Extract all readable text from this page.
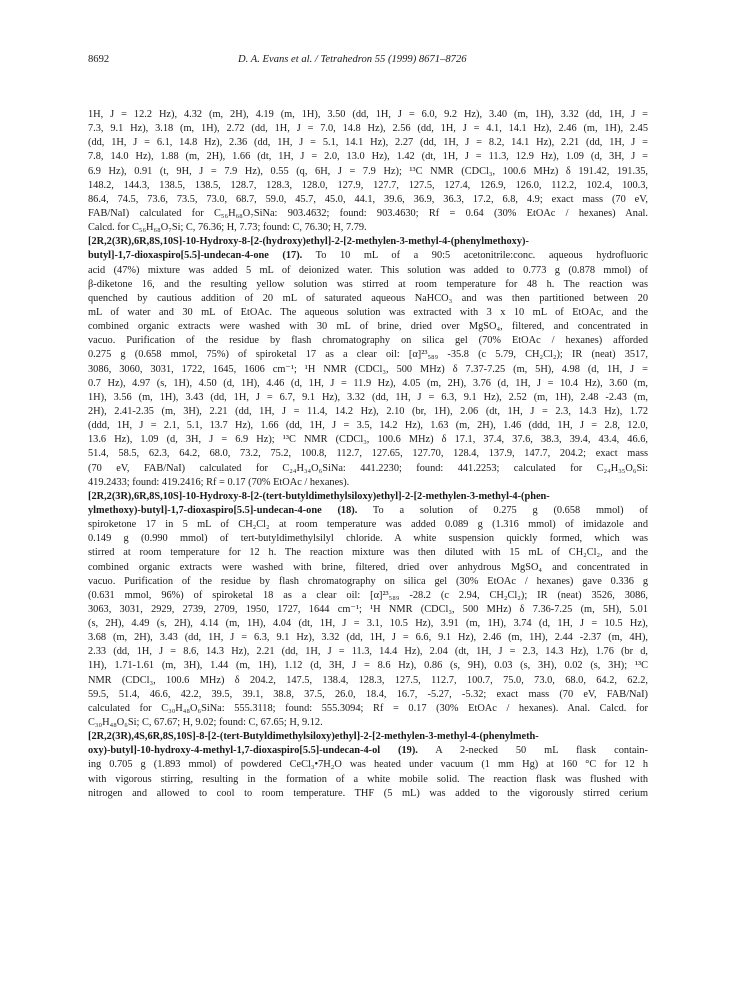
8692	D. A. Evans et al. / Tetrahedron 55 (1999) 8671–8726
1H, J = 12.2 Hz), 4.32 (m, 2H), 4.19 (m, 1H), 3.50 (dd, 1H, J = 6.0, 9.2 Hz), 3.40 (m, 1H), 3.32 (dd, 1H, J =
7.3, 9.1 Hz), 3.18 (m, 1H), 2.72 (dd, 1H, J = 7.0, 14.8 Hz), 2.56 (dd, 1H, J = 4.1, 14.1 Hz), 2.46 (m, 1H), 2.45
(dd, 1H, J = 6.1, 14.8 Hz), 2.36 (dd, 1H, J = 5.1, 14.1 Hz), 2.27 (dd, 1H, J = 8.2, 14.1 Hz), 2.21 (dd, 1H, J =
7.8, 14.0 Hz), 1.88 (m, 2H), 1.66 (dt, 1H, J = 2.0, 13.0 Hz), 1.42 (dt, 1H, J = 11.3, 12.9 Hz), 1.09 (d, 3H, J =
6.9 Hz), 0.91 (t, 9H, J = 7.9 Hz), 0.55 (q, 6H, J = 7.9 Hz); ¹³C NMR (CDCl₃, 100.6 MHz) δ 191.42, 191.35,
148.2, 144.3, 138.5, 138.5, 128.7, 128.3, 128.0, 127.9, 127.7, 127.5, 127.4, 126.9, 126.0, 112.2, 102.4, 100.3,
86.4, 74.5, 73.6, 73.5, 73.0, 68.7, 59.0, 45.7, 45.0, 44.1, 39.6, 36.9, 36.3, 17.2, 6.8, 4.9; exact mass (70 eV,
FAB/NaI) calculated for C₅₆H₆₈O₇SiNa: 903.4632; found: 903.4630; Rf = 0.64 (30% EtOAc / hexanes) Anal.
Calcd. for C₅₆H₆₈O₇Si; C, 76.36; H, 7.73; found: C, 76.30; H, 7.79.
[2R,2(3R),6R,8S,10S]-10-Hydroxy-8-[2-(hydroxy)ethyl]-2-[2-methylen-3-methyl-4-(phenylmethoxy)-
butyl]-1,7-dioxaspiro[5.5]-undecan-4-one (17). To 10 mL of a 90:5 acetonitrile:conc. aqueous hydrofluoric
acid (47%) mixture was added 5 mL of deionized water. This solution was added to 0.773 g (0.878 mmol) of
β-diketone 16, and the resulting yellow solution was stirred at room temperature for 48 h. The reaction was
quenched by cautious addition of 20 mL of saturated aqueous NaHCO₃ and was then partitioned between 20
mL of water and 30 mL of EtOAc. The aqueous solution was extracted with 3 x 10 mL of EtOAc, and the
combined organic extracts were washed with 30 mL of brine, dried over MgSO₄, filtered, and concentrated in
vacuo. Purification of the residue by flash chromatography on silica gel (70% EtOAc / hexanes) afforded
0.275 g (0.658 mmol, 75%) of spiroketal 17 as a clear oil: [α]²³₅₈₉ -35.8 (c 5.79, CH₂Cl₂); IR (neat) 3517,
3086, 3060, 3031, 1722, 1645, 1606 cm⁻¹; ¹H NMR (CDCl₃, 500 MHz) δ 7.37-7.25 (m, 5H), 4.98 (d, 1H, J =
0.7 Hz), 4.97 (s, 1H), 4.50 (d, 1H), 4.46 (d, 1H, J = 11.9 Hz), 4.05 (m, 2H), 3.76 (d, 1H, J = 10.4 Hz), 3.60 (m,
1H), 3.56 (m, 1H), 3.43 (dd, 1H, J = 6.7, 9.1 Hz), 3.32 (dd, 1H, J = 6.3, 9.1 Hz), 2.52 (m, 1H), 2.48 -2.43 (m,
2H), 2.41-2.35 (m, 3H), 2.21 (dd, 1H, J = 11.4, 14.2 Hz), 2.10 (br, 1H), 2.06 (dt, 1H, J = 2.3, 14.3 Hz), 1.72
(ddd, 1H, J = 2.1, 5.1, 13.7 Hz), 1.66 (dd, 1H, J = 3.5, 14.2 Hz), 1.63 (m, 2H), 1.46 (ddd, 1H, J = 2.8, 12.0,
13.6 Hz), 1.09 (d, 3H, J = 6.9 Hz); ¹³C NMR (CDCl₃, 100.6 MHz) δ 17.1, 37.4, 37.6, 38.3, 39.4, 43.4, 46.6,
51.4, 58.5, 62.3, 64.2, 68.0, 73.2, 75.2, 100.8, 112.7, 127.65, 127.70, 128.4, 137.9, 147.7, 204.2; exact mass
(70 eV, FAB/NaI) calculated for C₂₄H₃₄O₆SiNa: 441.2230; found: 441.2253; calculated for C₂₄H₃₅O₆Si:
419.2433; found: 419.2416; Rf = 0.17 (70% EtOAc / hexanes).
[2R,2(3R),6R,8S,10S]-10-Hydroxy-8-[2-(tert-butyldimethylsiloxy)ethyl]-2-[2-methylen-3-methyl-4-(phen-
ylmethoxy)-butyl]-1,7-dioxaspiro[5.5]-undecan-4-one (18). To a solution of 0.275 g (0.658 mmol) of
spiroketone 17 in 5 mL of CH₂Cl₂ at room temperature was added 0.089 g (1.316 mmol) of imidazole and
0.149 g (0.990 mmol) of tert-butyldimethylsilyl chloride. A white suspension quickly formed, which was
stirred at room temperature for 12 h. The reaction mixture was then diluted with 15 mL of CH₂Cl₂, and the
combined organic extracts were washed with brine, filtered, dried over anhydrous MgSO₄ and concentrated in
vacuo. Purification of the residue by flash chromatography on silica gel (30% EtOAc / hexanes) gave 0.336 g
(0.631 mmol, 96%) of spiroketal 18 as a clear oil: [α]²³₅₈₉ -28.2 (c 2.94, CH₂Cl₂); IR (neat) 3526, 3086,
3063, 3031, 2929, 2739, 2709, 1950, 1727, 1644 cm⁻¹; ¹H NMR (CDCl₃, 500 MHz) δ 7.36-7.25 (m, 5H), 5.01
(s, 2H), 4.49 (s, 2H), 4.14 (m, 1H), 4.04 (dt, 1H, J = 3.1, 10.5 Hz), 3.91 (m, 1H), 3.74 (d, 1H, J = 10.5 Hz),
3.68 (m, 2H), 3.43 (dd, 1H, J = 6.3, 9.1 Hz), 3.32 (dd, 1H, J = 6.6, 9.1 Hz), 2.46 (m, 1H), 2.44 -2.37 (m, 4H),
2.33 (dd, 1H, J = 8.6, 14.3 Hz), 2.21 (dd, 1H, J = 11.3, 14.4 Hz), 2.04 (dt, 1H, J = 2.3, 14.3 Hz), 1.76 (br d,
1H), 1.71-1.61 (m, 3H), 1.44 (m, 1H), 1.12 (d, 3H, J = 8.6 Hz), 0.86 (s, 9H), 0.03 (s, 3H), 0.02 (s, 3H); ¹³C
NMR (CDCl₃, 100.6 MHz) δ 204.2, 147.5, 138.4, 128.3, 127.5, 112.7, 100.7, 75.0, 73.0, 68.0, 64.2, 62.2,
59.5, 51.4, 46.6, 42.2, 39.5, 39.1, 38.8, 37.5, 26.0, 18.4, 16.7, -5.27, -5.32; exact mass (70 eV, FAB/NaI)
calculated for C₃₀H₄₈O₆SiNa: 555.3118; found: 555.3094; Rf = 0.17 (30% EtOAc / hexanes). Anal. Calcd. for
C₃₀H₄₈O₆Si; C, 67.67; H, 9.02; found: C, 67.65; H, 9.12.
[2R,2(3R),4S,6R,8S,10S]-8-[2-(tert-Butyldimethylsiloxy)ethyl]-2-[2-methylen-3-methyl-4-(phenylmeth-
oxy)-butyl]-10-hydroxy-4-methyl-1,7-dioxaspiro[5.5]-undecan-4-ol (19). A 2-necked 50 mL flask contain-
ing 0.705 g (1.893 mmol) of powdered CeCl₃•7H₂O was heated under vacuum (1 mm Hg) at 160 °C for 12 h
with vigorous stirring, resulting in the formation of a white mobile solid. The reaction flask was flushed with
nitrogen and allowed to cool to room temperature. THF (5 mL) was added to the vigorously stirred cerium
